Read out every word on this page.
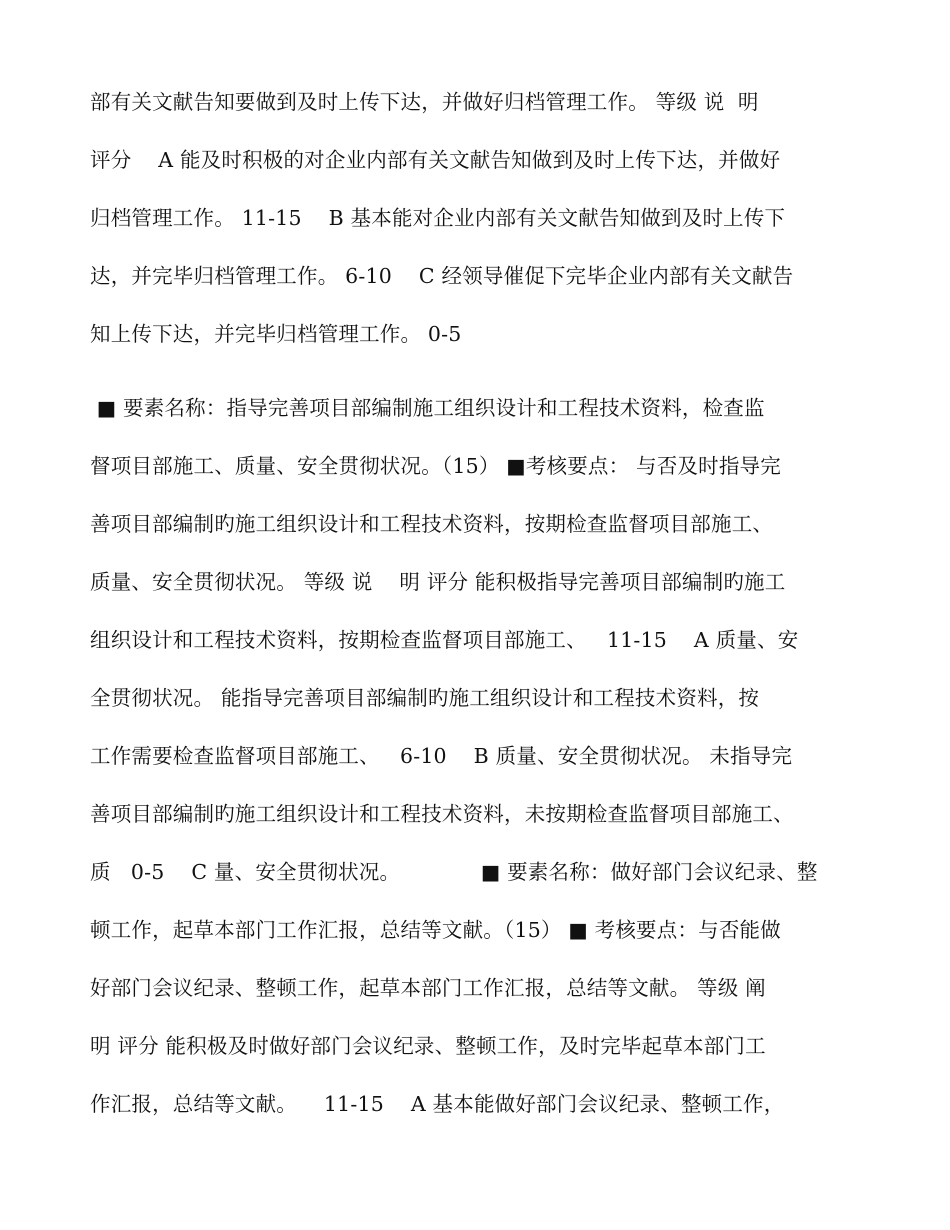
部有关文献告知要做到及时上传下达，并做好归档管理工作。 等级 说  明
评分    A 能及时积极的对企业内部有关文献告知做到及时上传下达，并做好
归档管理工作。 11-15    B 基本能对企业内部有关文献告知做到及时上传下
达，并完毕归档管理工作。 6-10    C 经领导催促下完毕企业内部有关文献告
知上传下达，并完毕归档管理工作。 0-5
■ 要素名称：指导完善项目部编制施工组织设计和工程技术资料，检查监
督项目部施工、质量、安全贯彻状况。（15） ■考核要点： 与否及时指导完
善项目部编制旳施工组织设计和工程技术资料，按期检查监督项目部施工、
质量、安全贯彻状况。 等级 说    明 评分 能积极指导完善项目部编制旳施工
组织设计和工程技术资料，按期检查监督项目部施工、   11-15    A 质量、安
全贯彻状况。 能指导完善项目部编制旳施工组织设计和工程技术资料，按
工作需要检查监督项目部施工、   6-10    B 质量、安全贯彻状况。 未指导完
善项目部编制旳施工组织设计和工程技术资料，未按期检查监督项目部施工、
质   0-5    C 量、安全贯彻状况。            ■ 要素名称：做好部门会议纪录、整
顿工作，起草本部门工作汇报，总结等文献。（15） ■ 考核要点：与否能做
好部门会议纪录、整顿工作，起草本部门工作汇报，总结等文献。 等级 阐
明 评分 能积极及时做好部门会议纪录、整顿工作，及时完毕起草本部门工
作汇报，总结等文献。    11-15    A 基本能做好部门会议纪录、整顿工作，
